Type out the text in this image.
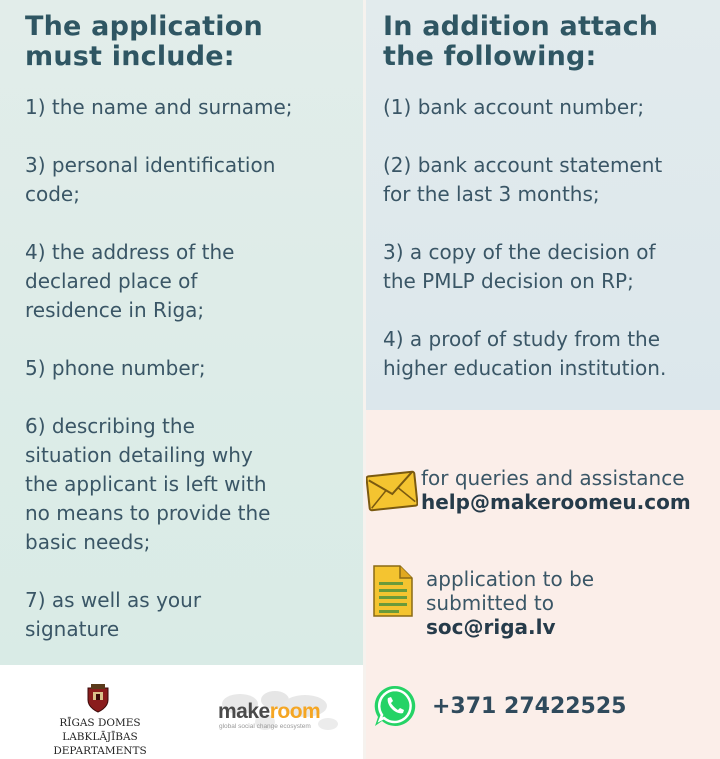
The application
must include:
1) the name and surname;
3) personal identification
code;
4) the address of the
declared place of
residence in Riga;
5) phone number;
6) describing the
situation detailing why
the applicant is left with
no means to provide the
basic needs;
7) as well as your
signature
In addition attach
the following:
(1) bank account number;
(2) bank account statement
for the last 3 months;
3) a copy of the decision of
the PMLP decision on RP;
4) a proof of study from the
higher education institution.
for queries and assistance
help@makeroomeu.com
application to be
submitted to
soc@riga.lv
+371 27422525
RĪGAS DOMES
LABKLĀJĪBAS DEPARTAMENTS
makeroom
global social change ecosystem
